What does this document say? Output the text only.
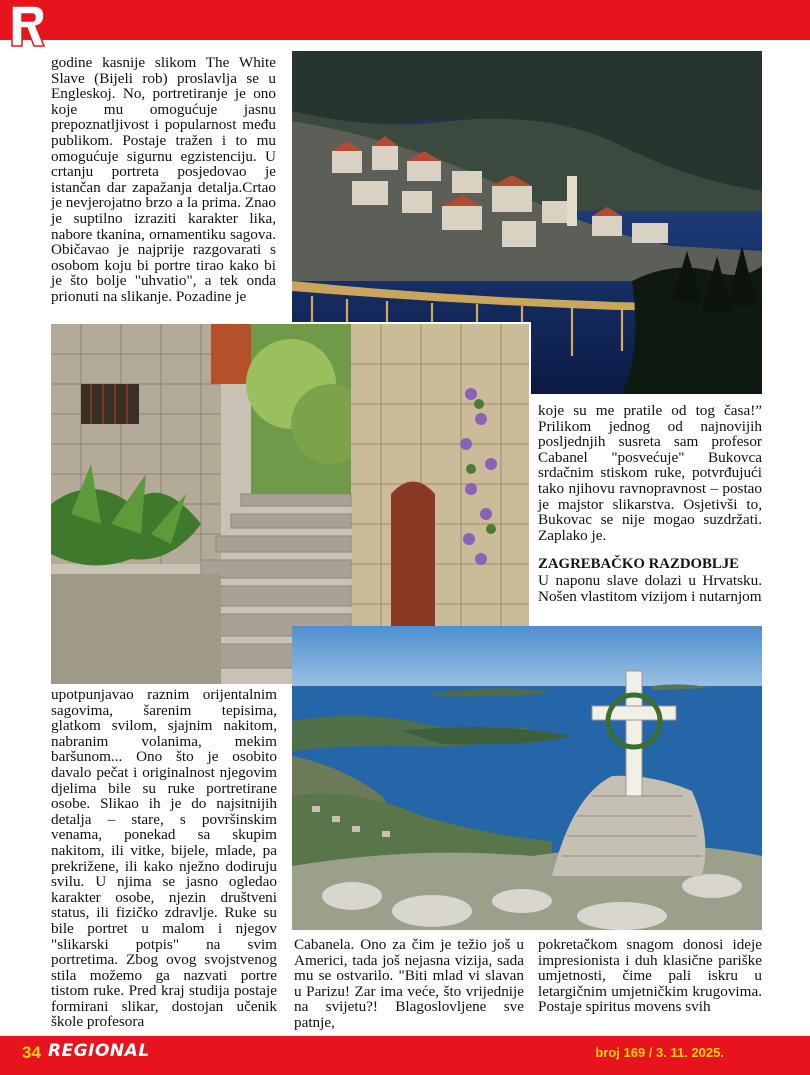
godine kasnije slikom The White Slave (Bijeli rob) proslavlja se u Engleskoj. No, portretiranje je ono koje mu omogućuje jasnu prepoznatljivost i popularnost među publikom. Postaje tražen i to mu omogućuje sigurnu egzistenciju. U crtanju portreta posjedovao je istančan dar zapažanja detalja.Crtao je nevjerojatno brzo a la prima. Znao je suptilno izraziti karakter lika, nabore tkanina, ornamentiku sagova. Običavao je najprije razgovarati s osobom koju bi portre tirao kako bi je što bolje "uhvatio", a tek onda prionuti na slikanje. Pozadine je

koje su me pratile od tog časa!” Prilikom jednog od najnovijih posljednjih susreta sam profesor Cabanel "posvećuje" Bukovca srdačnim stiskom ruke, potvrđujući tako njihovu ravnopravnost – postao je majstor slikarstva. Osjetivši to, Bukovac se nije mogao suzdržati. Zaplako je.

ZAGREBAČKO RAZDOBLJE

U naponu slave dolazi u Hrvatsku. Nošen vlastitom vizijom i nutarnjom

upotpunjavao raznim orijentalnim sagovima, šarenim tepisima, glatkom svilom, sjajnim nakitom, nabranim volanima, mekim baršunom... Ono što je osobito davalo pečat i originalnost njegovim djelima bile su ruke portretirane osobe. Slikao ih je do najsitnijih detalja – stare, s površinskim venama, ponekad sa skupim nakitom, ili vitke, bijele, mlade, pa prekrižene, ili kako nježno dodiruju svilu. U njima se jasno ogledao karakter osobe, njezin društveni status, ili fizičko zdravlje. Ruke su bile portret u malom i njegov "slikarski potpis" na svim portretima. Zbog ovog svojstvenog stila možemo ga nazvati portre tistom ruke. Pred kraj studija postaje formirani slikar, dostojan učenik škole profesora

Cabanela. Ono za čim je težio još u Americi, tada još nejasna vizija, sada mu se ostvarilo. "Biti mlad vi slavan u Parizu! Zar ima veće, što vrijednije na svijetu?! Blagoslovljene sve patnje,

pokretačkom snagom donosi ideje impresionista i duh klasične pariške umjetnosti, čime pali iskru u letargičnim umjetničkim krugovima. Postaje spiritus movens svih

34 REGIONAL	broj 169 / 3. 11. 2025.
